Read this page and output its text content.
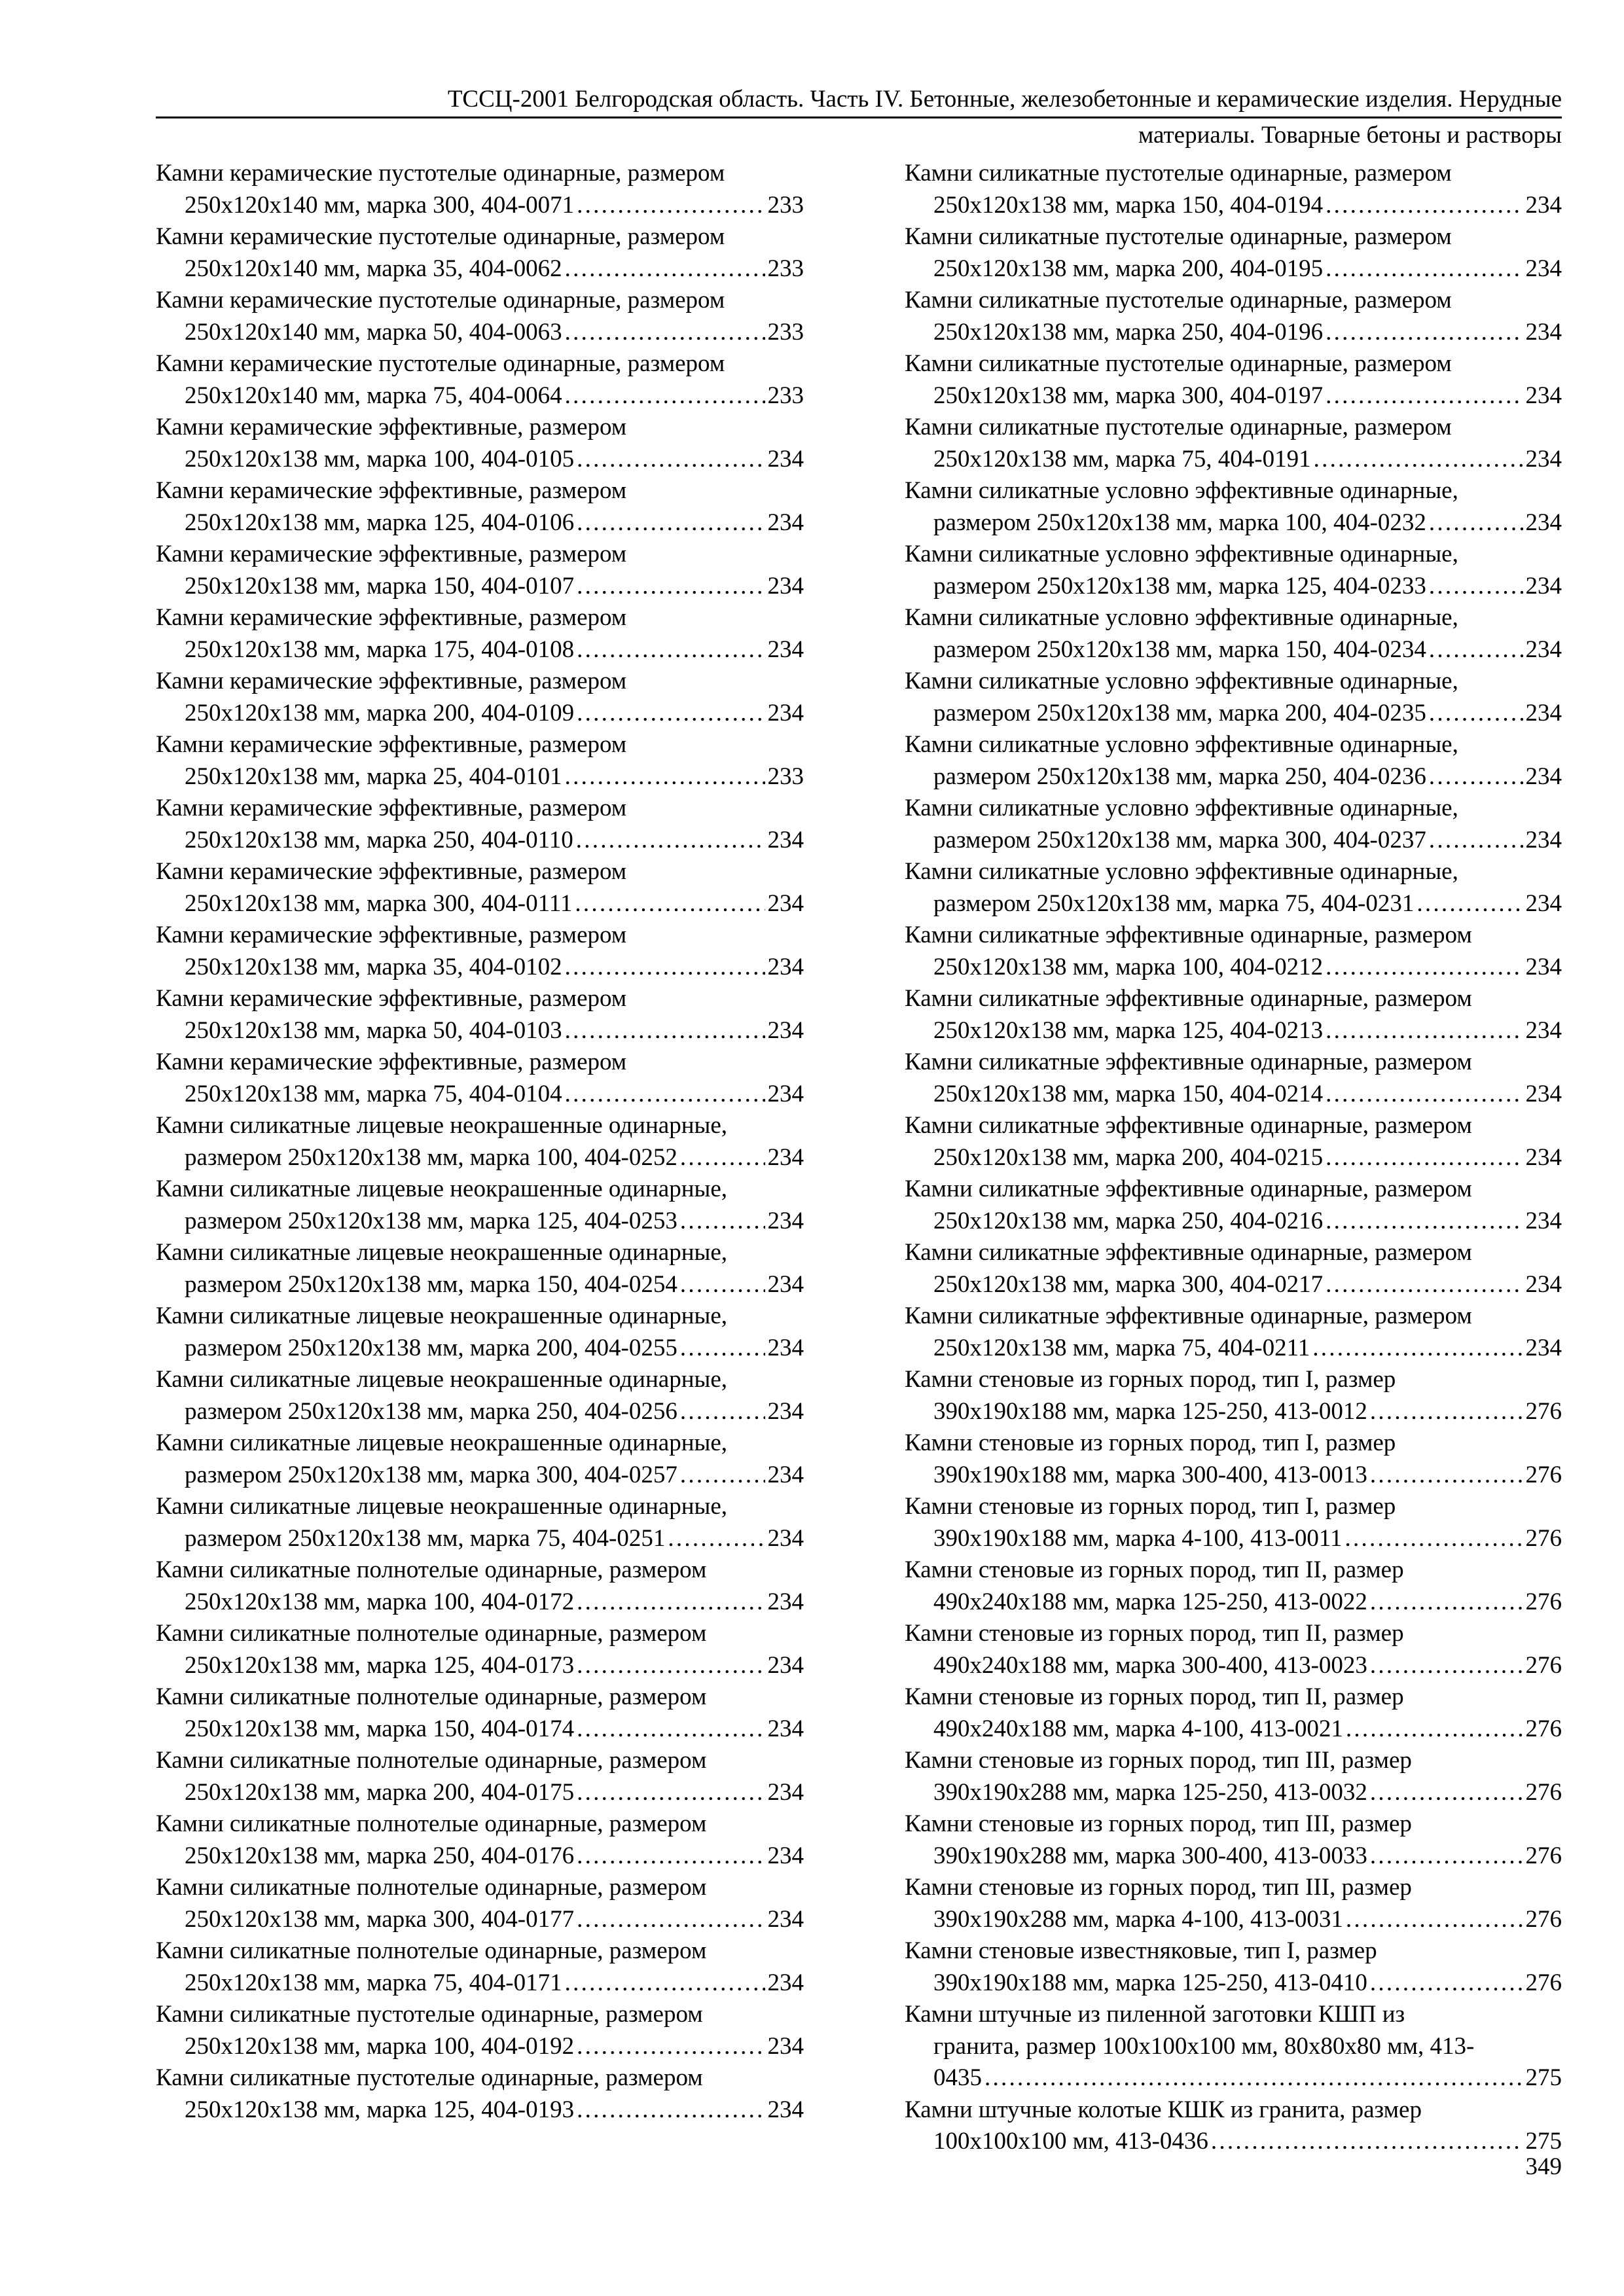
ТССЦ-2001 Белгородская область. Часть IV. Бетонные, железобетонные и керамические изделия. Нерудные
материалы. Товарные бетоны и растворы
Камни керамические пустотелые одинарные, размером
250х120х140 мм, марка 300, 404-0071 . . .	233
Камни керамические пустотелые одинарные, размером
250х120х140 мм, марка 35, 404-0062 . . .	233
Камни керамические пустотелые одинарные, размером
250х120х140 мм, марка 50, 404-0063 . . .	233
Камни керамические пустотелые одинарные, размером
250х120х140 мм, марка 75, 404-0064 . . .	233
Камни керамические эффективные, размером
250х120х138 мм, марка 100, 404-0105 . . .	234
Камни керамические эффективные, размером
250х120х138 мм, марка 125, 404-0106 . . .	234
Камни керамические эффективные, размером
250х120х138 мм, марка 150, 404-0107 . . .	234
Камни керамические эффективные, размером
250х120х138 мм, марка 175, 404-0108 . . .	234
Камни керамические эффективные, размером
250х120х138 мм, марка 200, 404-0109 . . .	234
Камни керамические эффективные, размером
250х120х138 мм, марка 25, 404-0101 . . .	233
Камни керамические эффективные, размером
250х120х138 мм, марка 250, 404-0110 . . .	234
Камни керамические эффективные, размером
250х120х138 мм, марка 300, 404-0111 . . .	234
Камни керамические эффективные, размером
250х120х138 мм, марка 35, 404-0102 . . .	234
Камни керамические эффективные, размером
250х120х138 мм, марка 50, 404-0103 . . .	234
Камни керамические эффективные, размером
250х120х138 мм, марка 75, 404-0104 . . .	234
Камни силикатные лицевые неокрашенные одинарные,
размером 250х120х138 мм, марка 100, 404-0252 . . .	234
Камни силикатные лицевые неокрашенные одинарные,
размером 250х120х138 мм, марка 125, 404-0253 . . .	234
Камни силикатные лицевые неокрашенные одинарные,
размером 250х120х138 мм, марка 150, 404-0254 . . .	234
Камни силикатные лицевые неокрашенные одинарные,
размером 250х120х138 мм, марка 200, 404-0255 . . .	234
Камни силикатные лицевые неокрашенные одинарные,
размером 250х120х138 мм, марка 250, 404-0256 . . .	234
Камни силикатные лицевые неокрашенные одинарные,
размером 250х120х138 мм, марка 300, 404-0257 . . .	234
Камни силикатные лицевые неокрашенные одинарные,
размером 250х120х138 мм, марка 75, 404-0251 . . .	234
Камни силикатные полнотелые одинарные, размером
250х120х138 мм, марка 100, 404-0172 . . .	234
Камни силикатные полнотелые одинарные, размером
250х120х138 мм, марка 125, 404-0173 . . .	234
Камни силикатные полнотелые одинарные, размером
250х120х138 мм, марка 150, 404-0174 . . .	234
Камни силикатные полнотелые одинарные, размером
250х120х138 мм, марка 200, 404-0175 . . .	234
Камни силикатные полнотелые одинарные, размером
250х120х138 мм, марка 250, 404-0176 . . .	234
Камни силикатные полнотелые одинарные, размером
250х120х138 мм, марка 300, 404-0177 . . .	234
Камни силикатные полнотелые одинарные, размером
250х120х138 мм, марка 75, 404-0171 . . .	234
Камни силикатные пустотелые одинарные, размером
250х120х138 мм, марка 100, 404-0192 . . .	234
Камни силикатные пустотелые одинарные, размером
250х120х138 мм, марка 125, 404-0193 . . .	234
Камни силикатные пустотелые одинарные, размером
250х120х138 мм, марка 150, 404-0194 . . .	234
Камни силикатные пустотелые одинарные, размером
250х120х138 мм, марка 200, 404-0195 . . .	234
Камни силикатные пустотелые одинарные, размером
250х120х138 мм, марка 250, 404-0196 . . .	234
Камни силикатные пустотелые одинарные, размером
250х120х138 мм, марка 300, 404-0197 . . .	234
Камни силикатные пустотелые одинарные, размером
250х120х138 мм, марка 75, 404-0191 . . .	234
Камни силикатные условно эффективные одинарные,
размером 250х120х138 мм, марка 100, 404-0232 . . .	234
Камни силикатные условно эффективные одинарные,
размером 250х120х138 мм, марка 125, 404-0233 . . .	234
Камни силикатные условно эффективные одинарные,
размером 250х120х138 мм, марка 150, 404-0234 . . .	234
Камни силикатные условно эффективные одинарные,
размером 250х120х138 мм, марка 200, 404-0235 . . .	234
Камни силикатные условно эффективные одинарные,
размером 250х120х138 мм, марка 250, 404-0236 . . .	234
Камни силикатные условно эффективные одинарные,
размером 250х120х138 мм, марка 300, 404-0237 . . .	234
Камни силикатные условно эффективные одинарные,
размером 250х120х138 мм, марка 75, 404-0231 . . .	234
Камни силикатные эффективные одинарные, размером
250х120х138 мм, марка 100, 404-0212 . . .	234
Камни силикатные эффективные одинарные, размером
250х120х138 мм, марка 125, 404-0213 . . .	234
Камни силикатные эффективные одинарные, размером
250х120х138 мм, марка 150, 404-0214 . . .	234
Камни силикатные эффективные одинарные, размером
250х120х138 мм, марка 200, 404-0215 . . .	234
Камни силикатные эффективные одинарные, размером
250х120х138 мм, марка 250, 404-0216 . . .	234
Камни силикатные эффективные одинарные, размером
250х120х138 мм, марка 300, 404-0217 . . .	234
Камни силикатные эффективные одинарные, размером
250х120х138 мм, марка 75, 404-0211 . . .	234
Камни стеновые из горных пород, тип I, размер
390х190х188 мм, марка 125-250, 413-0012 . . .	276
Камни стеновые из горных пород, тип I, размер
390х190х188 мм, марка 300-400, 413-0013 . . .	276
Камни стеновые из горных пород, тип I, размер
390х190х188 мм, марка 4-100, 413-0011 . . .	276
Камни стеновые из горных пород, тип II, размер
490х240х188 мм, марка 125-250, 413-0022 . . .	276
Камни стеновые из горных пород, тип II, размер
490х240х188 мм, марка 300-400, 413-0023 . . .	276
Камни стеновые из горных пород, тип II, размер
490х240х188 мм, марка 4-100, 413-0021 . . .	276
Камни стеновые из горных пород, тип III, размер
390х190х288 мм, марка 125-250, 413-0032 . . .	276
Камни стеновые из горных пород, тип III, размер
390х190х288 мм, марка 300-400, 413-0033 . . .	276
Камни стеновые из горных пород, тип III, размер
390х190х288 мм, марка 4-100, 413-0031 . . .	276
Камни стеновые известняковые, тип I, размер
390х190х188 мм, марка 125-250, 413-0410 . . .	276
Камни штучные из пиленной заготовки КШП из
гранита, размер 100х100х100 мм, 80х80х80 мм, 413-
0435 . . .	275
Камни штучные колотые КШК из гранита, размер
100х100х100 мм, 413-0436 . . .	275
349
